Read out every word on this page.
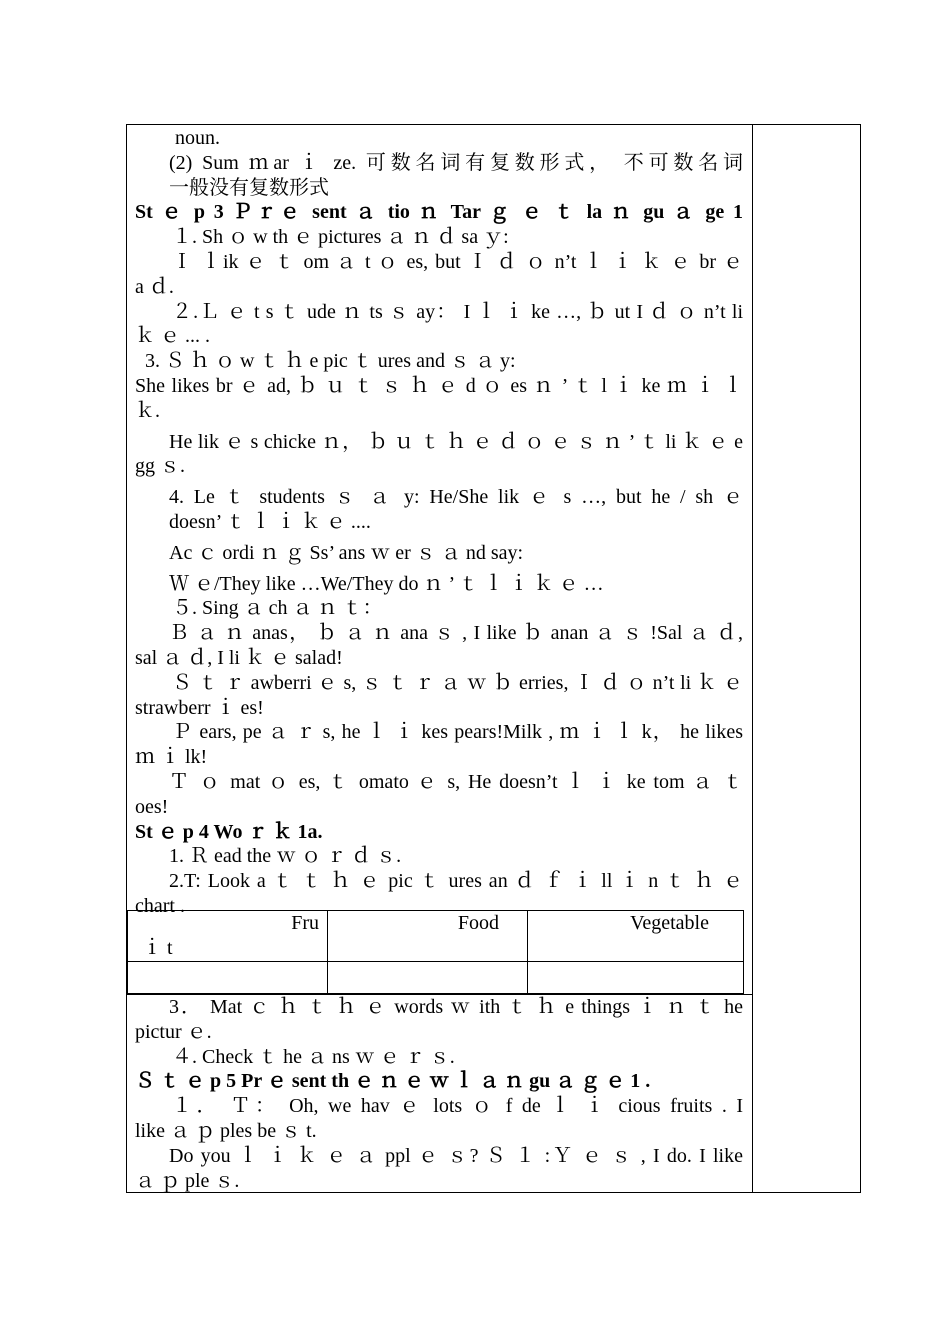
noun.

(2) Sum ｍar ｉ ze. 可数名词有复数形式， 不可数名词

一般没有复数形式

St ｅ p 3 Ｐｒｅ sent ａ tio ｎ Tar ｇ ｅ ｔ la ｎ gu ａ ge 1

１. Sh ｏ w th ｅ pictures ａ ｎ ｄ sa ｙ:

Ｉ ｌik ｅ ｔ om ａ t ｏ es, but Ｉ ｄ ｏ n’t ｌ ｉ ｋ ｅ br ｅ

a ｄ.

２.Ｌ ｅ t s ｔ ude ｎ ts ｓ ay： I ｌ ｉ ke …, ｂ ut I ｄ ｏ n’t li

ｋ ｅ ... .

3. Ｓ ｈ ｏ w ｔ ｈ e pic ｔ ures and ｓ ａ y:

She likes br ｅ ad, ｂ ｕ ｔ ｓ ｈ ｅ d ｏ es ｎ ’ ｔ l ｉ ke ｍ ｉ ｌ

ｋ.

He lik ｅ s chicke ｎ， ｂ ｕ ｔ ｈ ｅ ｄ ｏ ｅ ｓ ｎ ’ ｔ li ｋ ｅ e

gg ｓ.

4. Le ｔ students ｓ ａ y: He/She lik ｅ s …, but he / sh ｅ

doesn’ ｔ ｌ ｉ ｋ ｅ ....

Ac ｃ ordi ｎ ｇ Ss’ ans ｗ er ｓ ａ nd say:

Ｗ ｅ/They like …We/They do ｎ ’ ｔ ｌ ｉ ｋ ｅ …

５. Sing ａ ch ａ ｎ ｔ：

Ｂ ａ ｎ anas， ｂ ａ ｎ ana ｓ , I like ｂ anan ａ ｓ !Sal ａ ｄ,

sal ａ ｄ, I li ｋ ｅ salad!

Ｓ ｔ ｒ awberri ｅ s, ｓ ｔ ｒ ａ ｗ ｂ erries, Ｉ ｄ ｏ n’t li ｋ ｅ

strawberr ｉ es!

Ｐ ears, pe ａ ｒ s, he ｌ ｉ kes pears!Milk , ｍ ｉ ｌ k， he likes

ｍ ｉ lk!

Ｔ ｏ mat ｏ es, ｔ omato ｅ s, He doesn’t ｌ ｉ ke tom ａ ｔ

oes!

St ｅ p 4 Wo ｒ ｋ 1a.

1. Ｒ ead the ｗ ｏ ｒ ｄ ｓ.

2.T: Look a ｔ ｔ ｈ ｅ pic ｔ ures an ｄ ｆ ｉ ll ｉ n ｔ ｈ ｅ

chart .

Fru
ｉ t	Food	Vegetable

3． Mat ｃ ｈ ｔ ｈ ｅ words ｗ ith ｔ ｈ e things ｉ ｎ ｔ he

pictur ｅ.

４. Check ｔ he ａ ns ｗ ｅ ｒ ｓ.

Ｓ ｔ ｅ p 5 Pr ｅ sent th ｅ ｎ ｅ ｗ ｌ ａ ｎ gu ａ ｇ ｅ 1 .

１． Ｔ： Oh, we hav ｅ lots ｏ f de ｌ ｉ cious fruits . I

like ａ ｐ ples be ｓ t.

Do you ｌ ｉ ｋ ｅ ａ ppl ｅ ｓ? Ｓ １ :Ｙ ｅ ｓ , I do. I like

ａ ｐ ple ｓ.
